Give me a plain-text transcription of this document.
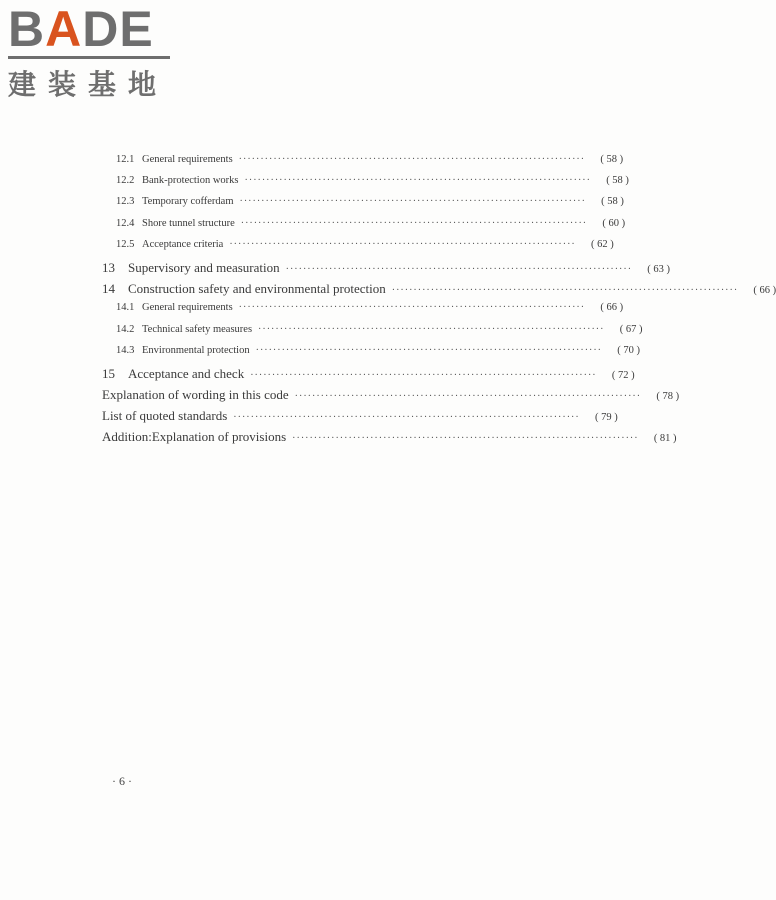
BADE
建装基地
12.1 General requirements ················································································	( 58 )
12.2 Bank-protection works ················································································	( 58 )
12.3 Temporary cofferdam ················································································	( 58 )
12.4 Shore tunnel structure ················································································	( 60 )
12.5 Acceptance criteria ················································································	( 62 )
13	Supervisory and measuration ················································································	( 63 )
14	Construction safety and environmental protection ················································································	( 66 )
14.1 General requirements ················································································	( 66 )
14.2 Technical safety measures ················································································	( 67 )
14.3 Environmental protection ················································································	( 70 )
15	Acceptance and check ················································································	( 72 )
Explanation of wording in this code ················································································	( 78 )
List of quoted standards ················································································	( 79 )
Addition:Explanation of provisions ················································································	( 81 )
· 6 ·
